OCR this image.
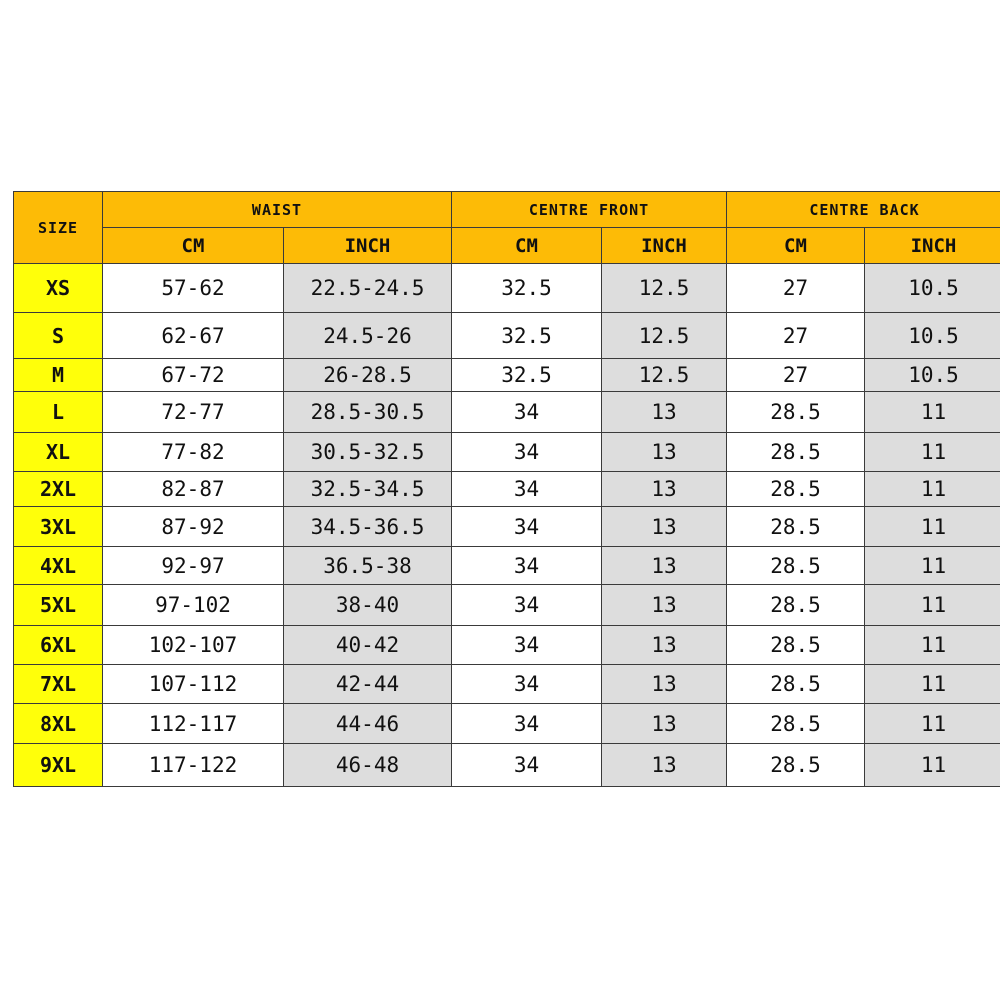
SIZE	WAIST		CENTRE FRONT		CENTRE BACK	
	CM	INCH	CM	INCH	CM	INCH
XS	57-62	22.5-24.5	32.5	12.5	27	10.5
S	62-67	24.5-26	32.5	12.5	27	10.5
M	67-72	26-28.5	32.5	12.5	27	10.5
L	72-77	28.5-30.5	34	13	28.5	11
XL	77-82	30.5-32.5	34	13	28.5	11
2XL	82-87	32.5-34.5	34	13	28.5	11
3XL	87-92	34.5-36.5	34	13	28.5	11
4XL	92-97	36.5-38	34	13	28.5	11
5XL	97-102	38-40	34	13	28.5	11
6XL	102-107	40-42	34	13	28.5	11
7XL	107-112	42-44	34	13	28.5	11
8XL	112-117	44-46	34	13	28.5	11
9XL	117-122	46-48	34	13	28.5	11
